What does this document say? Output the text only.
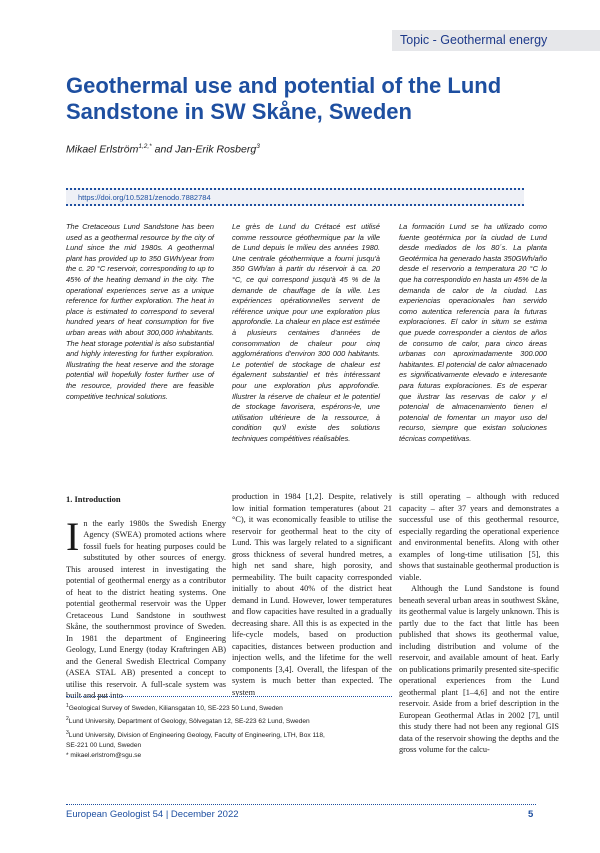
Topic - Geothermal energy
Geothermal use and potential of the Lund Sandstone in SW Skåne, Sweden
Mikael Erlström$^{1,2,*}$ and Jan-Erik Rosberg$^3$
https://doi.org/10.5281/zenodo.7882784
The Cretaceous Lund Sandstone has been used as a geothermal resource by the city of Lund since the mid 1980s. A geothermal plant has provided up to 350 GWh/year from the c. 20 °C reservoir, corresponding to up to 45% of the heating demand in the city. The operational experiences serve as a unique reference for further exploration. The heat in place is estimated to correspond to several hundred years of heat consumption for five urban areas with about 300,000 inhabitants. The heat storage potential is also substantial and highly interesting for further exploration. Illustrating the heat reserve and the storage potential will hopefully foster further use of the resource, provided there are feasible competitive technical solutions.
Le grès de Lund du Crétacé est utilisé comme ressource géothermique par la ville de Lund depuis le milieu des années 1980. Une centrale géothermique a fourni jusqu'à 350 GWh/an à partir du réservoir à ca. 20 °C, ce qui correspond jusqu'à 45 % de la demande de chauffage de la ville. Les expériences opérationnelles servent de référence unique pour une exploration plus approfondie. La chaleur en place est estimée à plusieurs centaines d'années de consommation de chaleur pour cinq agglomérations d'environ 300 000 habitants. Le potentiel de stockage de chaleur est également substantiel et très intéressant pour une exploration plus approfondie. Illustrer la réserve de chaleur et le potentiel de stockage favorisera, espérons-le, une utilisation ultérieure de la ressource, à condition qu'il existe des solutions techniques compétitives réalisables.
La formación Lund se ha utilizado como fuente geotérmica por la ciudad de Lund desde mediados de los 80´s. La planta Geotérmica ha generado hasta 350GWh/año desde el reservorio a temperatura 20 °C lo que ha correspondido en hasta un 45% de la demanda de calor de la ciudad. Las experiencias operacionales han servido como autentica referencia para la futuras exploraciones. El calor in situm se estima que puede corresponder a cientos de años de consumo de calor, para cinco áreas urbanas con aproximadamente 300.000 habitantes. El potencial de calor almacenado es significativamente elevado e interesante para futuras exploraciones. Es de esperar que ilustrar las reservas de calor y el potencial de almacenamiento tienen el potencial de fomentar un mayor uso del recurso, siempre que existan soluciones técnicas competitivas.
1. Introduction

In the early 1980s the Swedish Energy Agency (SWEA) promoted actions where fossil fuels for heating purposes could be substituted by other sources of energy. This aroused interest in investigating the potential of geothermal energy as a contributor of heat to the district heating systems. One potential geothermal reservoir was the Upper Cretaceous Lund Sandstone in southwest Skåne, the southernmost province of Sweden. In 1981 the department of Engineering Geology, Lund Energy (today Kraftringen AB) and the General Swedish Electrical Company (ASEA STAL AB) presented a concept to utilise this reservoir. A full-scale system was built and put into

production in 1984 [1,2]. Despite, relatively low initial formation temperatures (about 21 °C), it was economically feasible to utilise the reservoir for geothermal heat to the city of Lund. This was largely related to a significant gross thickness of several hundred metres, a high net sand share, high porosity, and permeability. The built capacity corresponded initially to about 40% of the district heat demand in Lund. However, lower temperatures and flow capacities have resulted in a gradually decreasing share. All this is as expected in the life-cycle models, based on production capacities, distances between production and injection wells, and the lifetime for the well components [3,4]. Overall, the lifespan of the system is much better than expected. The system

is still operating – although with reduced capacity – after 37 years and demonstrates a successful use of this geothermal resource, especially regarding the operational experience and environmental benefits. Along with other examples of long-time utilisation [5], this shows that sustainable geothermal production is viable.

Although the Lund Sandstone is found beneath several urban areas in southwest Skåne, its geothermal value is largely unknown. This is partly due to the fact that little has been published that shows its geothermal value, including distribution and volume of the reservoir, and available amount of heat. Early on publications primarily presented site-specific operational experiences from the Lund geothermal plant [1–4,6] and not the entire reservoir. Aside from a brief description in the European Geothermal Atlas in 2002 [7], until this study there had not been any regional GIS data of the reservoir showing the depths and the gross volume for the calcu-

$^1$Geological Survey of Sweden, Kiliansgatan 10, SE-223 50 Lund, Sweden
$^2$Lund University, Department of Geology, Sölvegatan 12, SE-223 62 Lund, Sweden
$^3$Lund University, Division of Engineering Geology, Faculty of Engineering, LTH, Box 118,
SE-221 00 Lund, Sweden
* mikael.erlstrom@sgu.se
European Geologist 54 | December 2022	5
